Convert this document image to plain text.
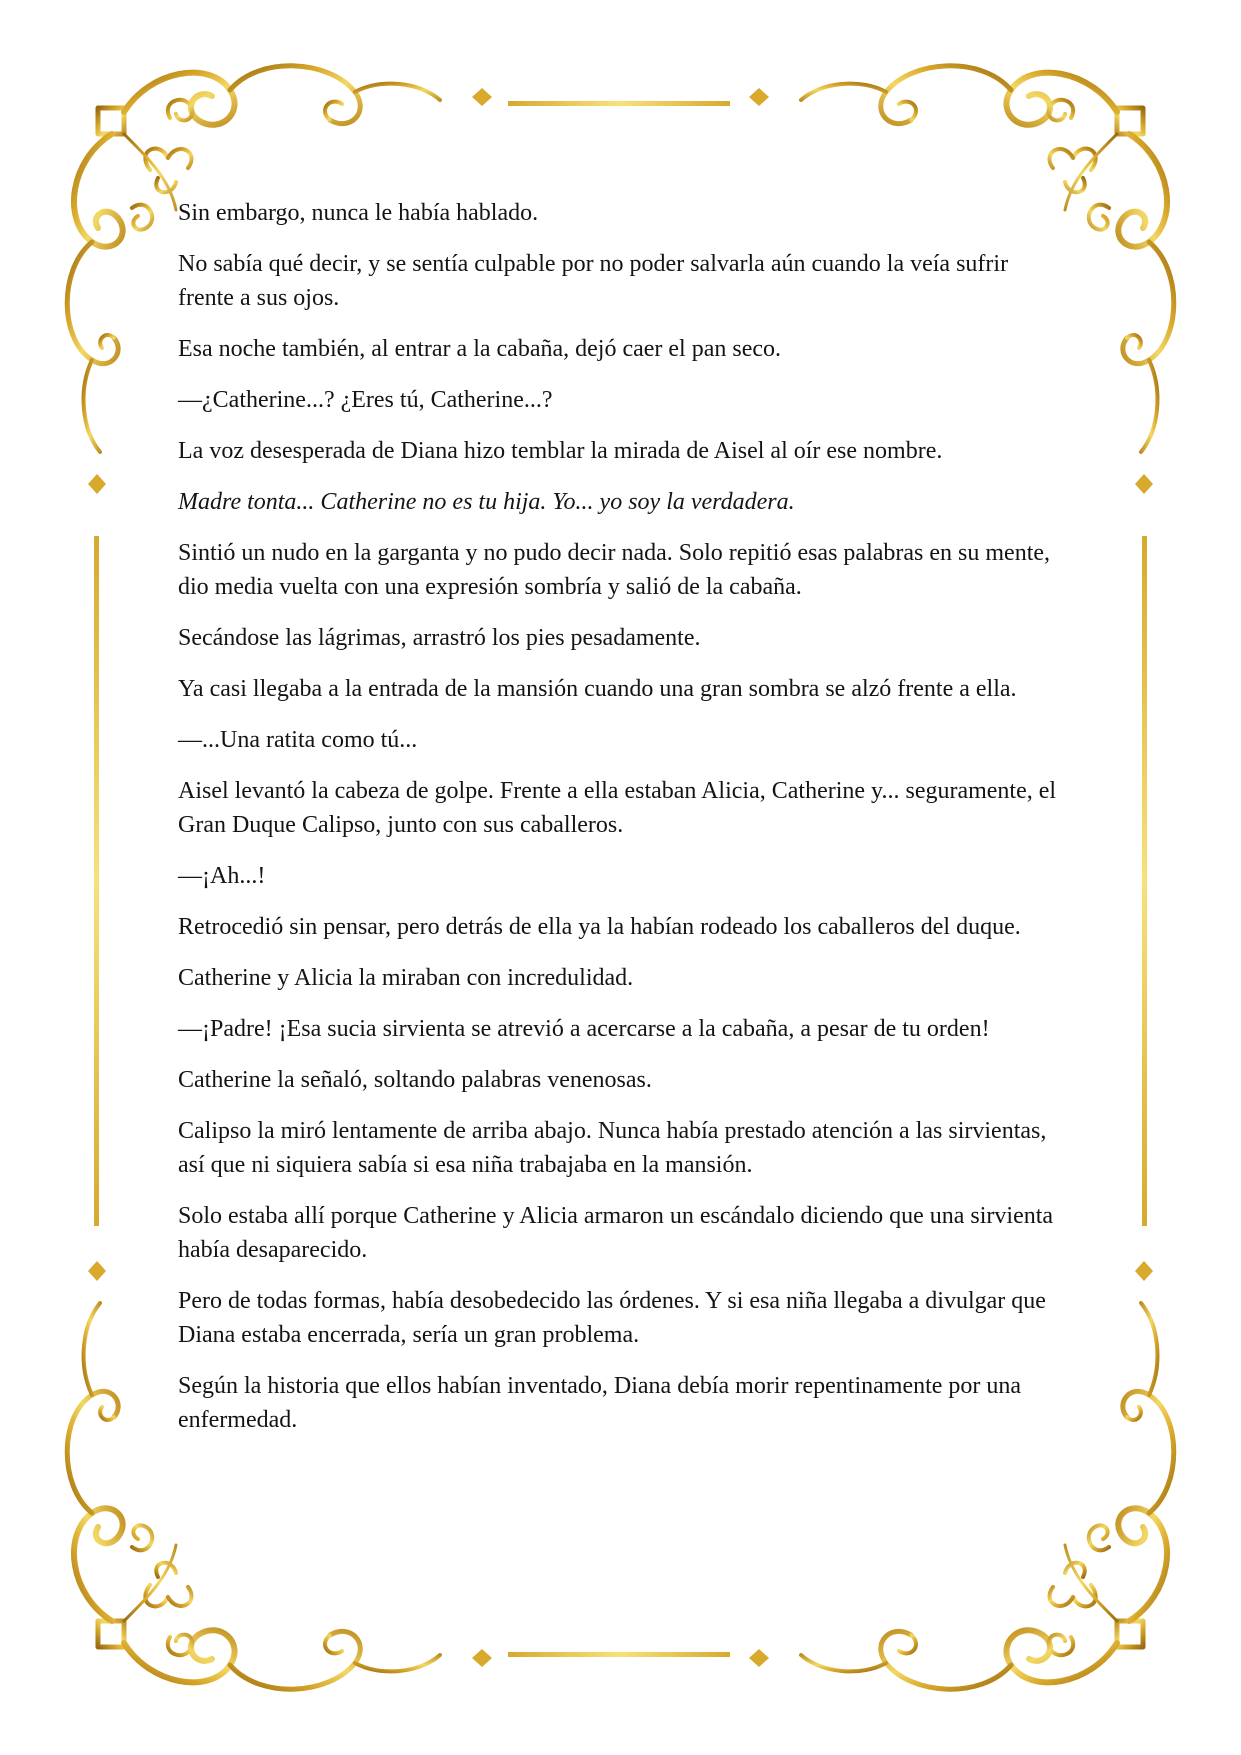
Sin embargo, nunca le había hablado.

No sabía qué decir, y se sentía culpable por no poder salvarla aún cuando la veía sufrir frente a sus ojos.

Esa noche también, al entrar a la cabaña, dejó caer el pan seco.

—¿Catherine...? ¿Eres tú, Catherine...?

La voz desesperada de Diana hizo temblar la mirada de Aisel al oír ese nombre.

Madre tonta... Catherine no es tu hija. Yo... yo soy la verdadera.

Sintió un nudo en la garganta y no pudo decir nada. Solo repitió esas palabras en su mente, dio media vuelta con una expresión sombría y salió de la cabaña.

Secándose las lágrimas, arrastró los pies pesadamente.

Ya casi llegaba a la entrada de la mansión cuando una gran sombra se alzó frente a ella.

—...Una ratita como tú...

Aisel levantó la cabeza de golpe. Frente a ella estaban Alicia, Catherine y... seguramente, el Gran Duque Calipso, junto con sus caballeros.

—¡Ah...!

Retrocedió sin pensar, pero detrás de ella ya la habían rodeado los caballeros del duque.

Catherine y Alicia la miraban con incredulidad.

—¡Padre! ¡Esa sucia sirvienta se atrevió a acercarse a la cabaña, a pesar de tu orden!

Catherine la señaló, soltando palabras venenosas.

Calipso la miró lentamente de arriba abajo. Nunca había prestado atención a las sirvientas, así que ni siquiera sabía si esa niña trabajaba en la mansión.

Solo estaba allí porque Catherine y Alicia armaron un escándalo diciendo que una sirvienta había desaparecido.

Pero de todas formas, había desobedecido las órdenes. Y si esa niña llegaba a divulgar que Diana estaba encerrada, sería un gran problema.

Según la historia que ellos habían inventado, Diana debía morir repentinamente por una enfermedad.
